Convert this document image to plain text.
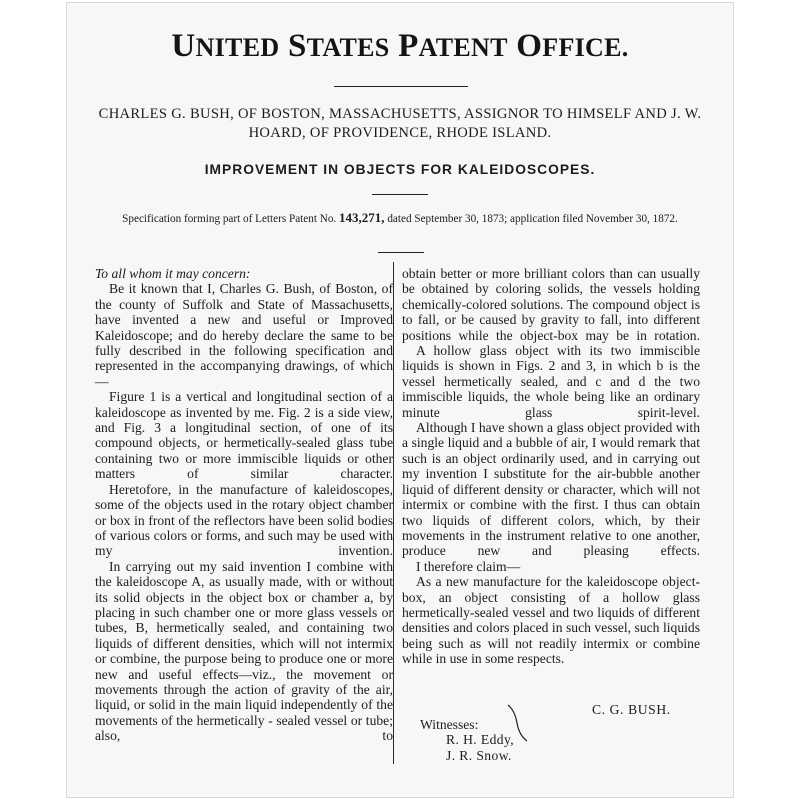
UNITED STATES PATENT OFFICE.
CHARLES G. BUSH, OF BOSTON, MASSACHUSETTS, ASSIGNOR TO HIMSELF AND J. W. HOARD, OF PROVIDENCE, RHODE ISLAND.
IMPROVEMENT IN OBJECTS FOR KALEIDOSCOPES.
Specification forming part of Letters Patent No. 143,271, dated September 30, 1873; application filed November 30, 1872.

To all whom it may concern:

Be it known that I, Charles G. Bush, of Boston, of the county of Suffolk and State of Massachusetts, have invented a new and useful or Improved Kaleidoscope; and do hereby declare the same to be fully described in the following specification and represented in the accompanying drawings, of which—

Figure 1 is a vertical and longitudinal section of a kaleidoscope as invented by me. Fig. 2 is a side view, and Fig. 3 a longitudinal section, of one of its compound objects, or hermetically-sealed glass tube containing two or more immiscible liquids or other matters of similar character.

Heretofore, in the manufacture of kaleidoscopes, some of the objects used in the rotary object chamber or box in front of the reflectors have been solid bodies of various colors or forms, and such may be used with my invention.

In carrying out my said invention I combine with the kaleidoscope A, as usually made, with or without its solid objects in the object box or chamber a, by placing in such chamber one or more glass vessels or tubes, B, hermetically sealed, and containing two liquids of different densities, which will not intermix or combine, the purpose being to produce one or more new and useful effects—viz., the movement or movements through the action of gravity of the air, liquid, or solid in the main liquid independently of the movements of the hermetically - sealed vessel or tube; also, to

obtain better or more brilliant colors than can usually be obtained by coloring solids, the vessels holding chemically-colored solutions. The compound object is to fall, or be caused by gravity to fall, into different positions while the object-box may be in rotation.

A hollow glass object with its two immiscible liquids is shown in Figs. 2 and 3, in which b is the vessel hermetically sealed, and c and d the two immiscible liquids, the whole being like an ordinary minute glass spirit-level.

Although I have shown a glass object provided with a single liquid and a bubble of air, I would remark that such is an object ordinarily used, and in carrying out my invention I substitute for the air-bubble another liquid of different density or character, which will not intermix or combine with the first. I thus can obtain two liquids of different colors, which, by their movements in the instrument relative to one another, produce new and pleasing effects.

I therefore claim—

As a new manufacture for the kaleidoscope object-box, an object consisting of a hollow glass hermetically-sealed vessel and two liquids of different densities and colors placed in such vessel, such liquids being such as will not readily intermix or combine while in use in some respects.

C. G. BUSH.
Witnesses:
R. H. Eddy,
J. R. Snow.
